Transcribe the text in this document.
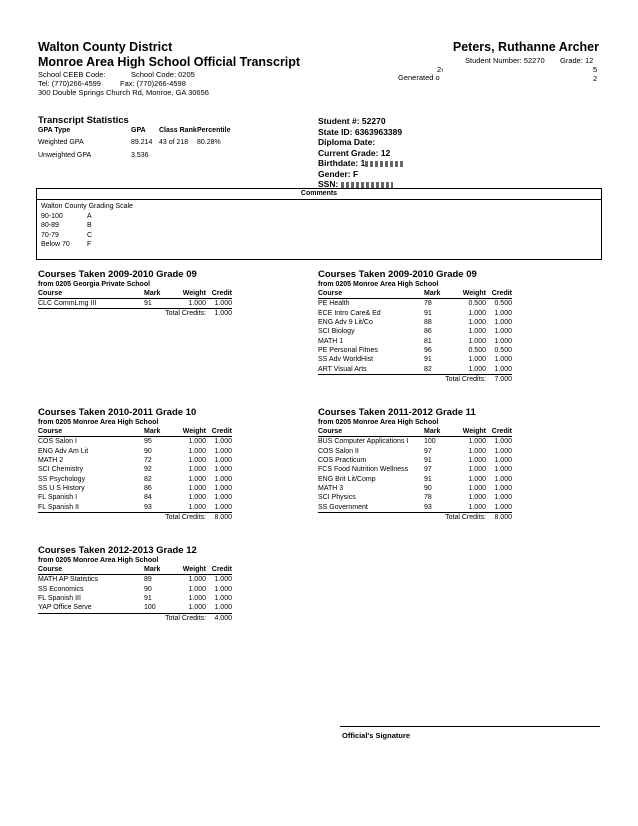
Walton County District
Monroe Area High School Official Transcript
School CEEB Code:	School Code: 0205
Tel: (770)266-4599	Fax: (770)266-4598
300 Double Springs Church Rd, Monroe, GA 30656
Peters, Ruthanne Archer
Student Number: 52270 Grade: 12
2‹
Generated o
5
2
Transcript Statistics
GPA Type	GPA	Class Rank	Percentile
Weighted GPA	89.214	43 of 218	80.28%
Unweighted GPA	3.536		
Student #: 52270
State ID: 6363963389
Diploma Date:
Current Grade: 12
Birthdate: 1
Gender: F
SSN:
Comments
Walton County Grading Scale
90-100	A
80-89	B
70-79	C
Below 70	F
Courses Taken 2009-2010 Grade 09
from 0205 Georgia Private School
Course	Mark	Weight	Credit
CLC CommLrng III	91	1.000	1.000
	Total Credits:		1.000
Courses Taken 2009-2010 Grade 09
from 0205 Monroe Area High School
Course	Mark	Weight	Credit
PE Health	78	0.500	0.500
ECE Intro Care& Ed	91	1.000	1.000
ENG Adv 9 Lit/Co	88	1.000	1.000
SCI Biology	86	1.000	1.000
MATH 1	81	1.000	1.000
PE Personal Fitnes	96	0.500	0.500
SS Adv WorldHist	91	1.000	1.000
ART Visual Arts	82	1.000	1.000
	Total Credits:		7.000
Courses Taken 2010-2011 Grade 10
from 0205 Monroe Area High School
Course	Mark	Weight	Credit
COS Salon I	95	1.000	1.000
ENG Adv Am Lit	90	1.000	1.000
MATH 2	72	1.000	1.000
SCI Chemistry	92	1.000	1.000
SS Psychology	82	1.000	1.000
SS U S History	86	1.000	1.000
FL Spanish I	84	1.000	1.000
FL Spanish II	93	1.000	1.000
	Total Credits:		8.000
Courses Taken 2011-2012 Grade 11
from 0205 Monroe Area High School
Course	Mark	Weight	Credit
BUS Computer Applications I	100	1.000	1.000
COS Salon II	97	1.000	1.000
COS Practicum	91	1.000	1.000
FCS Food Nutrition Wellness	97	1.000	1.000
ENG Brit Lit/Comp	91	1.000	1.000
MATH 3	90	1.000	1.000
SCI Physics	78	1.000	1.000
SS Government	93	1.000	1.000
	Total Credits:		8.000
Courses Taken 2012-2013 Grade 12
from 0205 Monroe Area High School
Course	Mark	Weight	Credit
MATH AP Statistics	89	1.000	1.000
SS Economics	90	1.000	1.000
FL Spanish III	91	1.000	1.000
YAP Office Serve	100	1.000	1.000
	Total Credits:		4.000
Official's Signature
